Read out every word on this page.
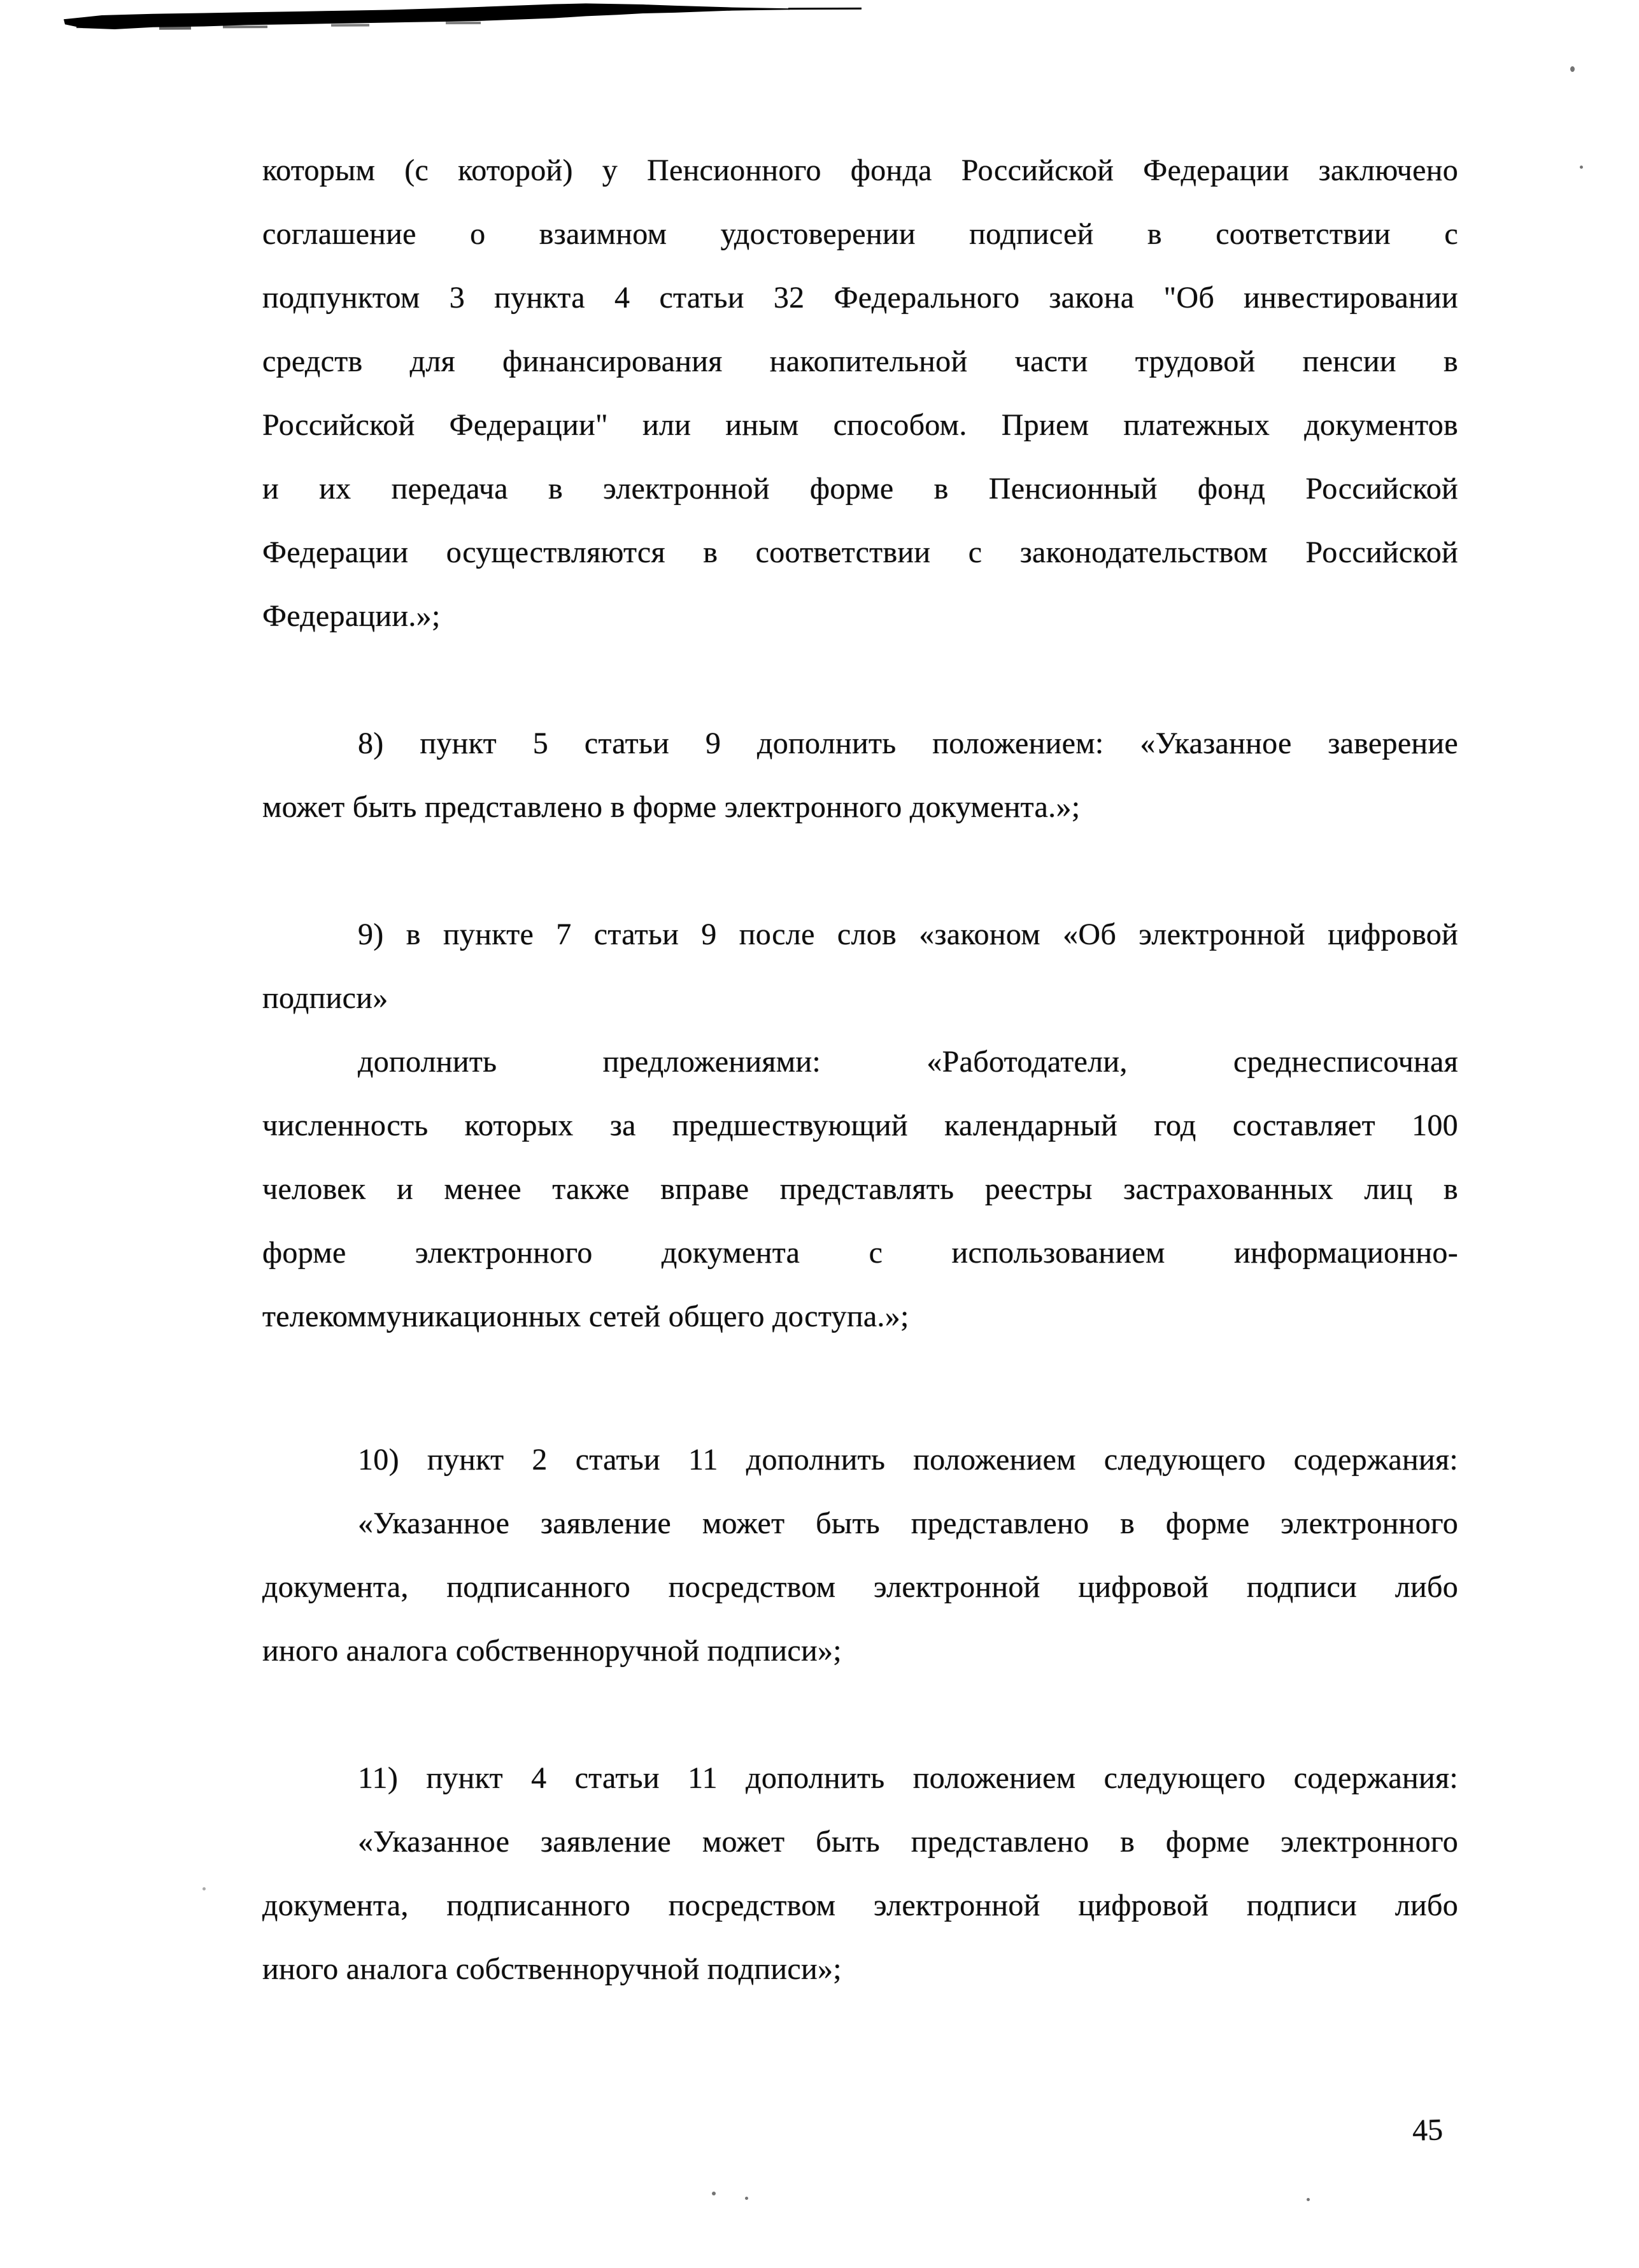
которым (с которой) у Пенсионного фонда Российской Федерации заключено
соглашение о взаимном удостоверении подписей в соответствии с
подпунктом 3 пункта 4 статьи 32 Федерального закона "Об инвестировании
средств для финансирования накопительной части трудовой пенсии в
Российской Федерации" или иным способом. Прием платежных документов
и их передача в электронной форме в Пенсионный фонд Российской
Федерации осуществляются в соответствии с законодательством Российской
Федерации.»;
8) пункт 5 статьи 9 дополнить положением: «Указанное заверение
может быть представлено в форме электронного документа.»;
9) в пункте 7 статьи 9 после слов «законом «Об электронной цифровой
подписи»
дополнить предложениями: «Работодатели, среднесписочная
численность которых за предшествующий календарный год составляет 100
человек и менее также вправе представлять реестры застрахованных лиц в
форме электронного документа с использованием информационно-
телекоммуникационных сетей общего доступа.»;
10) пункт 2 статьи 11 дополнить положением следующего содержания:
«Указанное заявление может быть представлено в форме электронного
документа, подписанного посредством электронной цифровой подписи либо
иного аналога собственноручной подписи»;
11) пункт 4 статьи 11 дополнить положением следующего содержания:
«Указанное заявление может быть представлено в форме электронного
документа, подписанного посредством электронной цифровой подписи либо
иного аналога собственноручной подписи»;
45
